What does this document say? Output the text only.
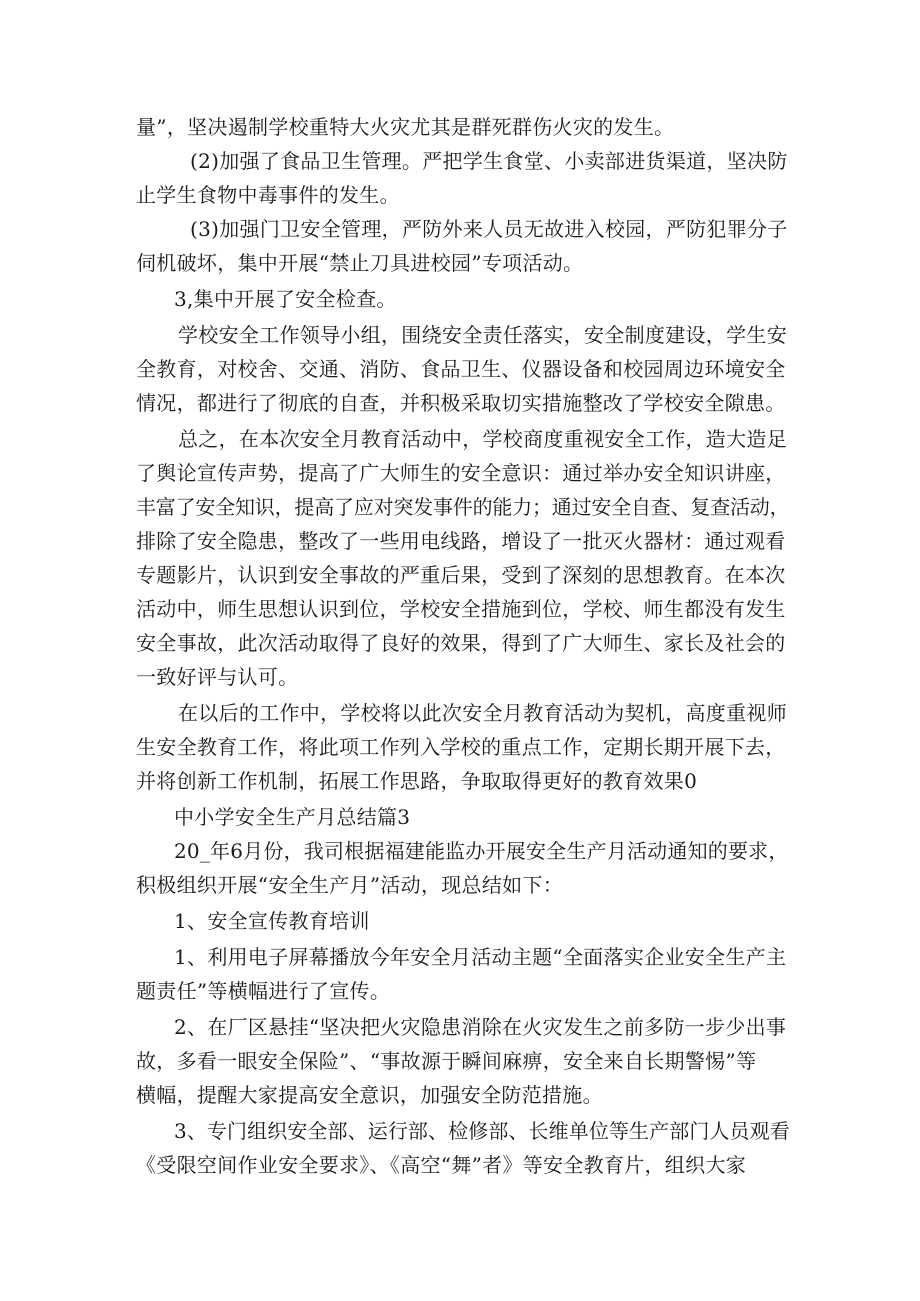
量”，坚决遏制学校重特大火灾尤其是群死群伤火灾的发生。
(2)加强了食品卫生管理。严把学生食堂、小卖部进货渠道，坚决防
止学生食物中毒事件的发生。
(3)加强门卫安全管理，严防外来人员无故进入校园，严防犯罪分子
伺机破坏，集中开展“禁止刀具进校园”专项活动。
3,集中开展了安全检查。
学校安全工作领导小组，围绕安全责任落实，安全制度建设，学生安
全教育，对校舍、交通、消防、食品卫生、仪器设备和校园周边环境安全
情况，都进行了彻底的自查，并积极采取切实措施整改了学校安全隙患。
总之，在本次安全月教育活动中，学校商度重视安全工作，造大造足
了舆论宣传声势，提高了广大师生的安全意识：通过举办安全知识讲座，
丰富了安全知识，提高了应对突发事件的能力；通过安全自查、复查活动，
排除了安全隐患，整改了一些用电线路，增设了一批灭火器材：通过观看
专题影片，认识到安全事故的严重后果，受到了深刻的思想教育。在本次
活动中，师生思想认识到位，学校安全措施到位，学校、师生都没有发生
安全事故，此次活动取得了良好的效果，得到了广大师生、家长及社会的
一致好评与认可。
在以后的工作中，学校将以此次安全月教育活动为契机，高度重视师
生安全教育工作，将此项工作列入学校的重点工作，定期长期开展下去，
并将创新工作机制，拓展工作思路，争取取得更好的教育效果0
中小学安全生产月总结篇3
20_年6月份，我司根据福建能监办开展安全生产月活动通知的要求，
积极组织开展“安全生产月”活动，现总结如下：
1、安全宣传教育培训
1、利用电子屏幕播放今年安全月活动主题“全面落实企业安全生产主
题责任”等横幅进行了宣传。
2、在厂区悬挂“坚决把火灾隐患消除在火灾发生之前多防一步少出事
故，多看一眼安全保险”、“事故源于瞬间麻痹，安全来自长期警惕”等
横幅，提醒大家提高安全意识，加强安全防范措施。
3、专门组织安全部、运行部、检修部、长维单位等生产部门人员观看
《受限空间作业安全要求》、《高空“舞”者》等安全教育片，组织大家
